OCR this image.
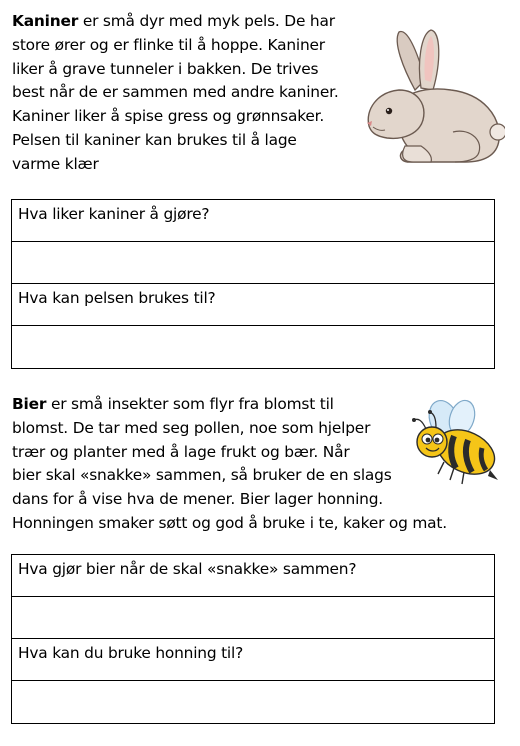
Kaniner er små dyr med myk pels. De har
store ører og er flinke til å hoppe. Kaniner
liker å grave tunneler i bakken. De trives
best når de er sammen med andre kaniner.
Kaniner liker å spise gress og grønnsaker.
Pelsen til kaniner kan brukes til å lage
varme klær

Hva liker kaniner å gjøre?
Hva kan pelsen brukes til?

Bier er små insekter som flyr fra blomst til
blomst. De tar med seg pollen, noe som hjelper
trær og planter med å lage frukt og bær. Når
bier skal «snakke» sammen, så bruker de en slags
dans for å vise hva de mener. Bier lager honning.
Honningen smaker søtt og god å bruke i te, kaker og mat.

Hva gjør bier når de skal «snakke» sammen?
Hva kan du bruke honning til?
